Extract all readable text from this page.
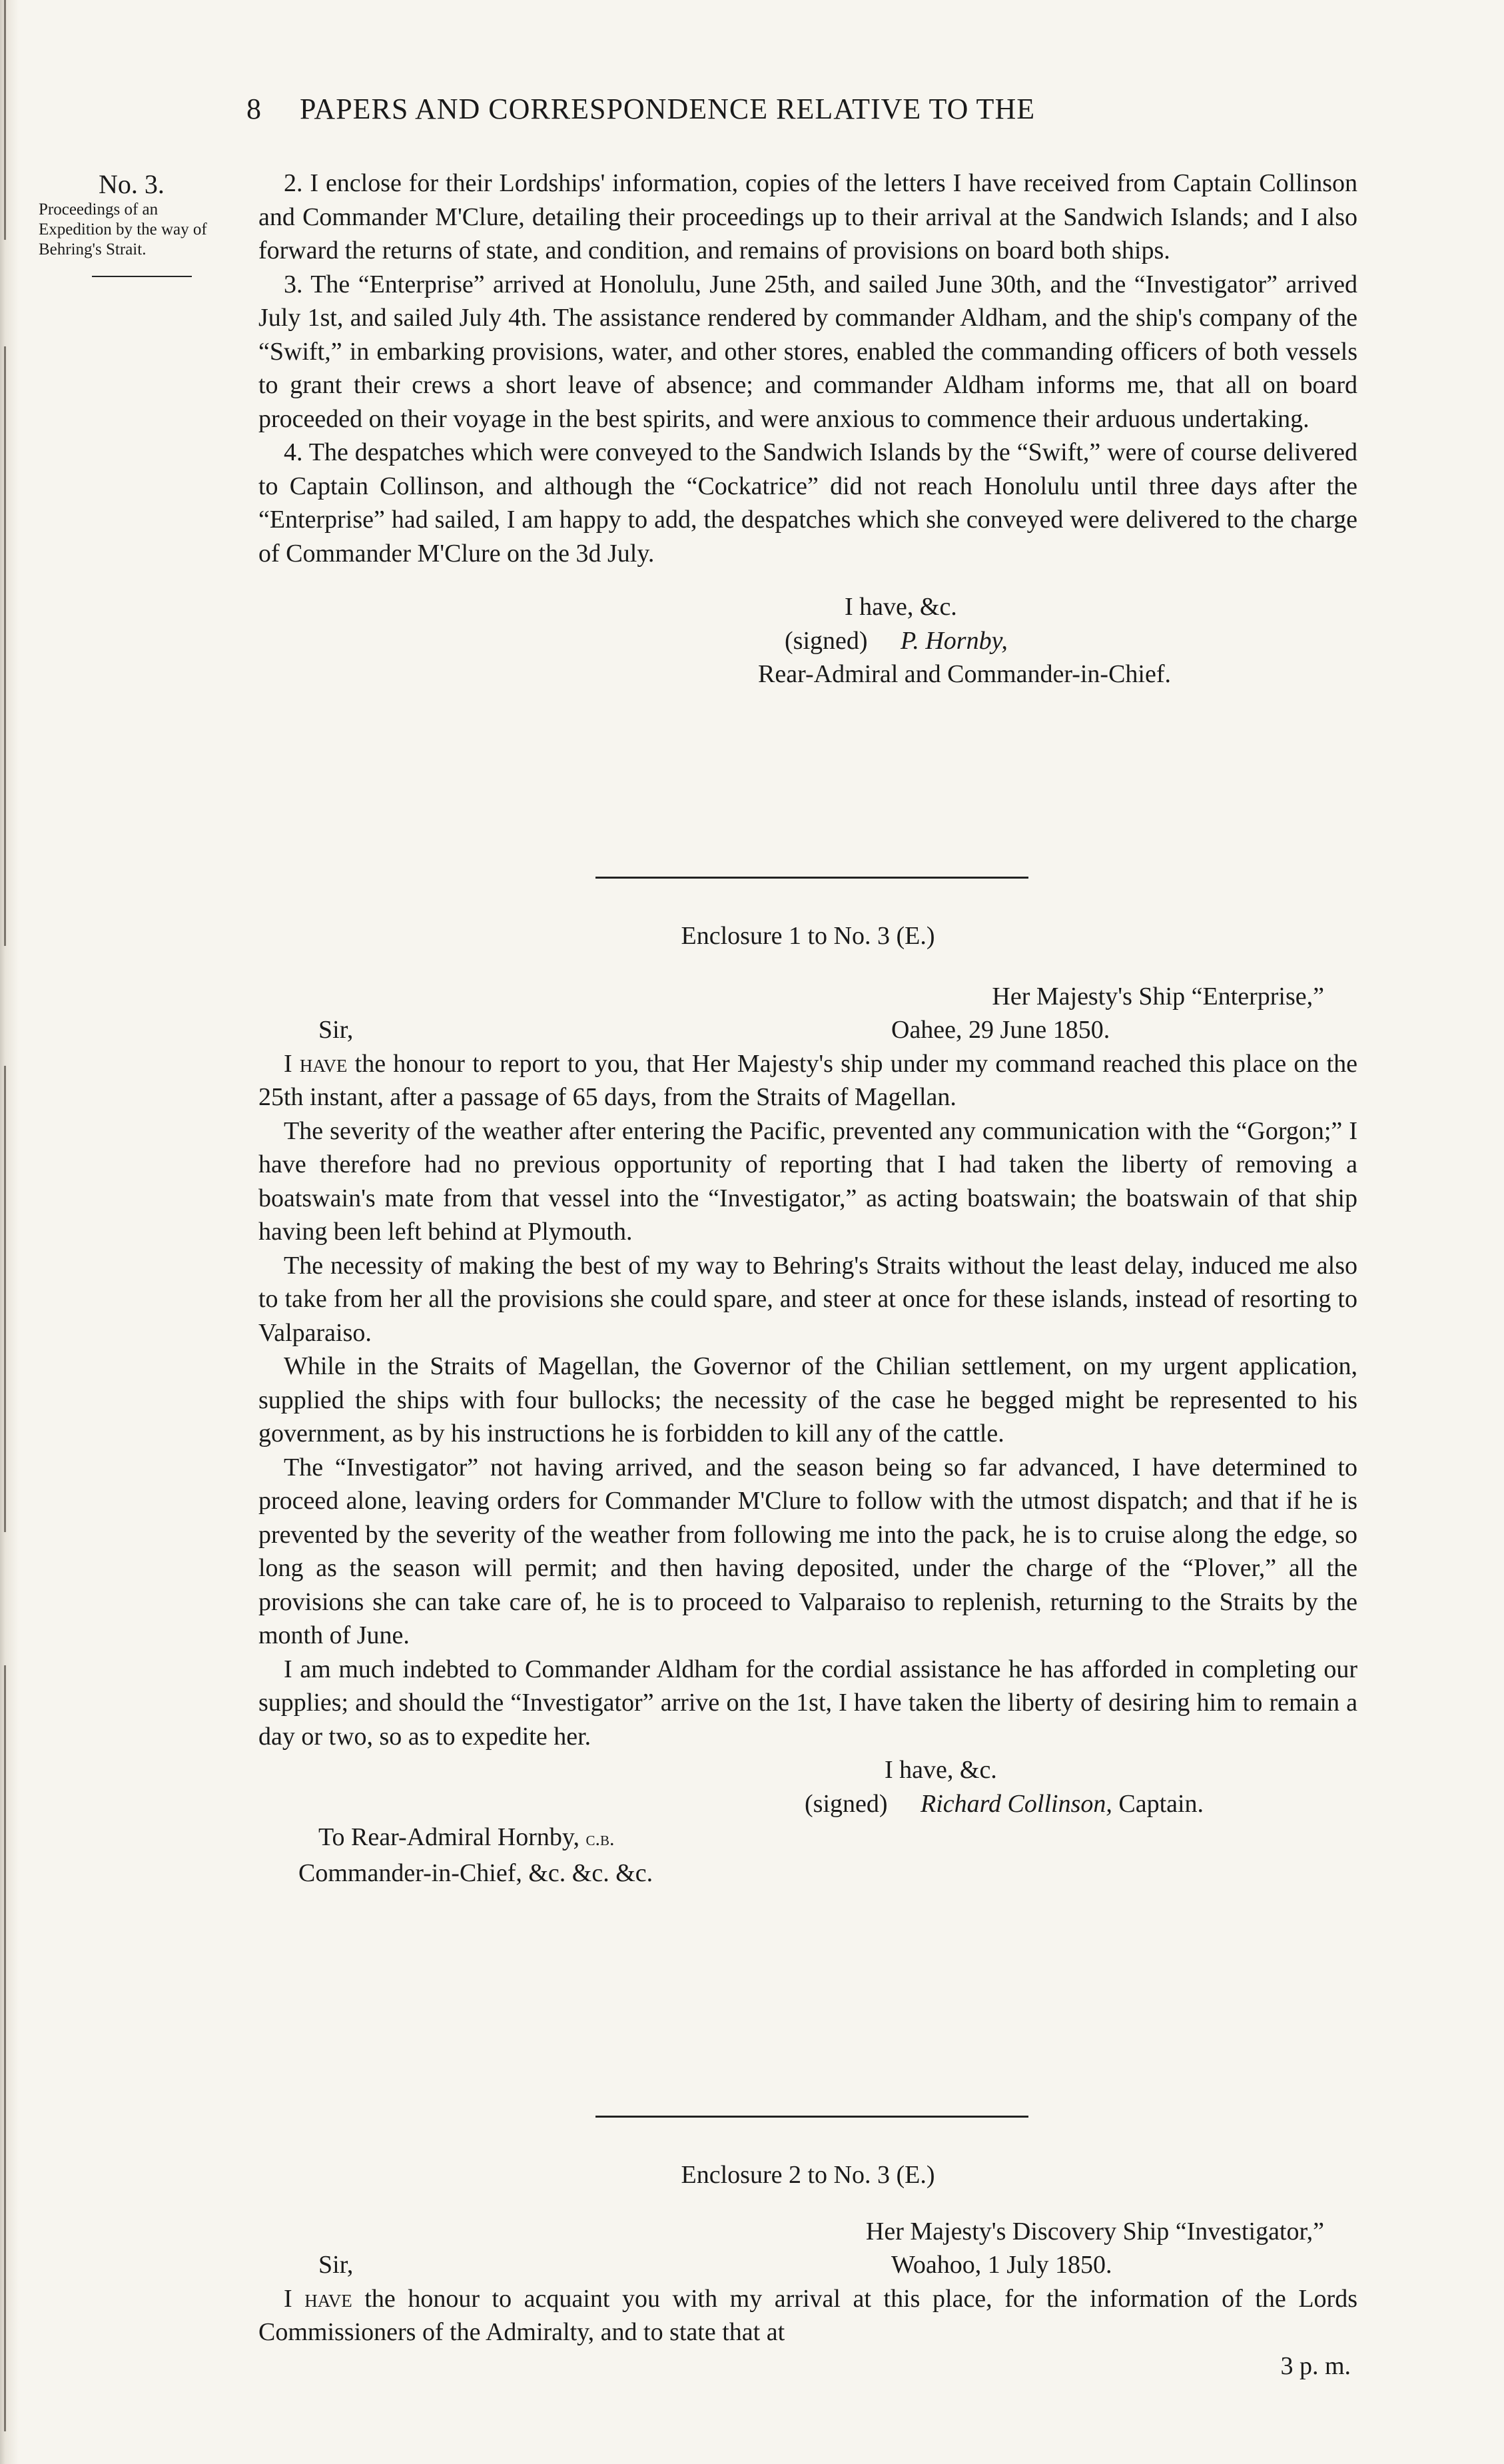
8 PAPERS AND CORRESPONDENCE RELATIVE TO THE
No. 3.
Proceedings of an Expedition by the way of Behring's Strait.

2. I enclose for their Lordships' information, copies of the letters I have received from Captain Collinson and Commander M'Clure, detailing their proceedings up to their arrival at the Sandwich Islands; and I also forward the returns of state, and condition, and remains of provisions on board both ships.

3. The “Enterprise” arrived at Honolulu, June 25th, and sailed June 30th, and the “Investigator” arrived July 1st, and sailed July 4th. The assistance rendered by commander Aldham, and the ship's company of the “Swift,” in embarking provisions, water, and other stores, enabled the commanding officers of both vessels to grant their crews a short leave of absence; and commander Aldham informs me, that all on board proceeded on their voyage in the best spirits, and were anxious to commence their arduous undertaking.

4. The despatches which were conveyed to the Sandwich Islands by the “Swift,” were of course delivered to Captain Collinson, and although the “Cockatrice” did not reach Honolulu until three days after the “Enterprise” had sailed, I am happy to add, the despatches which she conveyed were delivered to the charge of Commander M'Clure on the 3d July.

I have, &c.
(signed) P. Hornby,
Rear-Admiral and Commander-in-Chief.
Enclosure 1 to No. 3 (E.)
Her Majesty's Ship “Enterprise,”
Sir,	Oahee, 29 June 1850.

I have the honour to report to you, that Her Majesty's ship under my command reached this place on the 25th instant, after a passage of 65 days, from the Straits of Magellan.

The severity of the weather after entering the Pacific, prevented any communication with the “Gorgon;” I have therefore had no previous opportunity of reporting that I had taken the liberty of removing a boatswain's mate from that vessel into the “Investigator,” as acting boatswain; the boatswain of that ship having been left behind at Plymouth.

The necessity of making the best of my way to Behring's Straits without the least delay, induced me also to take from her all the provisions she could spare, and steer at once for these islands, instead of resorting to Valparaiso.

While in the Straits of Magellan, the Governor of the Chilian settlement, on my urgent application, supplied the ships with four bullocks; the necessity of the case he begged might be represented to his government, as by his instructions he is forbidden to kill any of the cattle.

The “Investigator” not having arrived, and the season being so far advanced, I have determined to proceed alone, leaving orders for Commander M'Clure to follow with the utmost dispatch; and that if he is prevented by the severity of the weather from following me into the pack, he is to cruise along the edge, so long as the season will permit; and then having deposited, under the charge of the “Plover,” all the provisions she can take care of, he is to proceed to Valparaiso to replenish, returning to the Straits by the month of June.

I am much indebted to Commander Aldham for the cordial assistance he has afforded in completing our supplies; and should the “Investigator” arrive on the 1st, I have taken the liberty of desiring him to remain a day or two, so as to expedite her.

I have, &c.
(signed) Richard Collinson, Captain.
To Rear-Admiral Hornby, c.b.
Commander-in-Chief, &c. &c. &c.
Enclosure 2 to No. 3 (E.)
Her Majesty's Discovery Ship “Investigator,”
Sir,	Woahoo, 1 July 1850.

I have the honour to acquaint you with my arrival at this place, for the information of the Lords Commissioners of the Admiralty, and to state that at

3 p. m.
